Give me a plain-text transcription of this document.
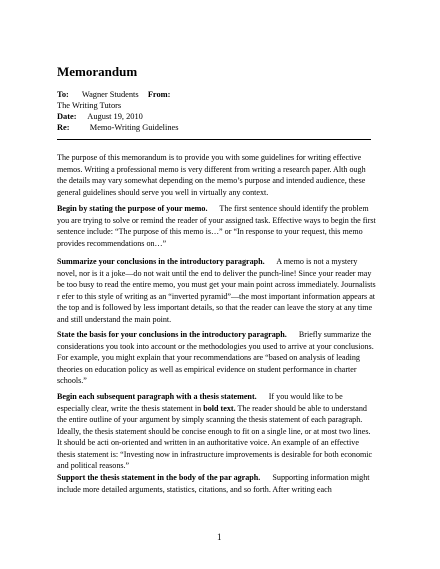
Memorandum
To: Wagner Students From:
The Writing Tutors
Date: August 19, 2010
Re: Memo-Writing Guidelines
The purpose of this memorandum is to provide you with some guidelines for writing effective memos. Writing a professional memo is very different from writing a research paper. Alth ough the details may vary somewhat depending on the memo’s purpose and intended audience, these general guidelines should serve you well in virtually any context.
Begin by stating the purpose of your memo. The first sentence should identify the problem you are trying to solve or remind the reader of your assigned task. Effective ways to begin the first sentence include: “The purpose of this memo is…” or “In response to your request, this memo provides recommendations on…”
Summarize your conclusions in the introductory paragraph. A memo is not a mystery novel, nor is it a joke—do not wait until the end to deliver the punch-line! Since your reader may be too busy to read the entire memo, you must get your main point across immediately. Journalists r efer to this style of writing as an “inverted pyramid”—the most important information appears at the top and is followed by less important details, so that the reader can leave the story at any time and still understand the main point.
State the basis for your conclusions in the introductory paragraph. Briefly summarize the considerations you took into account or the methodologies you used to arrive at your conclusions. For example, you might explain that your recommendations are “based on analysis of leading theories on education policy as well as empirical evidence on student performance in charter schools.”
Begin each subsequent paragraph with a thesis statement. If you would like to be especially clear, write the thesis statement in bold text. The reader should be able to understand the entire outline of your argument by simply scanning the thesis statement of each paragraph. Ideally, the thesis statement should be concise enough to fit on a single line, or at most two lines. It should be acti on-oriented and written in an authoritative voice. An example of an effective thesis statement is: “Investing now in infrastructure improvements is desirable for both economic and political reasons.”
Support the thesis statement in the body of the par agraph. Supporting information might include more detailed arguments, statistics, citations, and so forth. After writing each
1
